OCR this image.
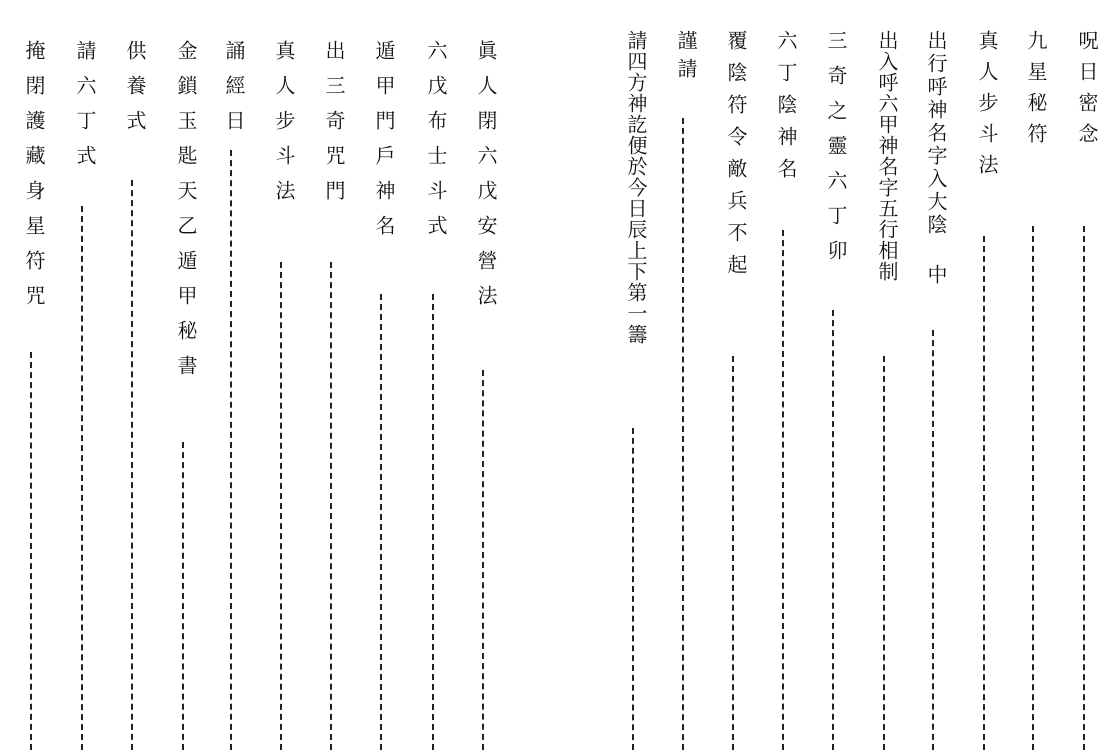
呪日密念
九星秘符
真人步斗法
出行呼神名字入大陰 中
出入呼六甲神名字五行相制
三奇之靈六丁卯
六丁陰神名
覆陰符令敵兵不起
謹請
請四方神訖便於今日辰上下第一籌
眞人閉六戊安營法
六戊布士斗式
遁甲門戶神名
出三奇咒門
真人步斗法
誦經日
金鎖玉匙天乙遁甲秘書
供養式
請六丁式
掩閉護藏身星符咒
